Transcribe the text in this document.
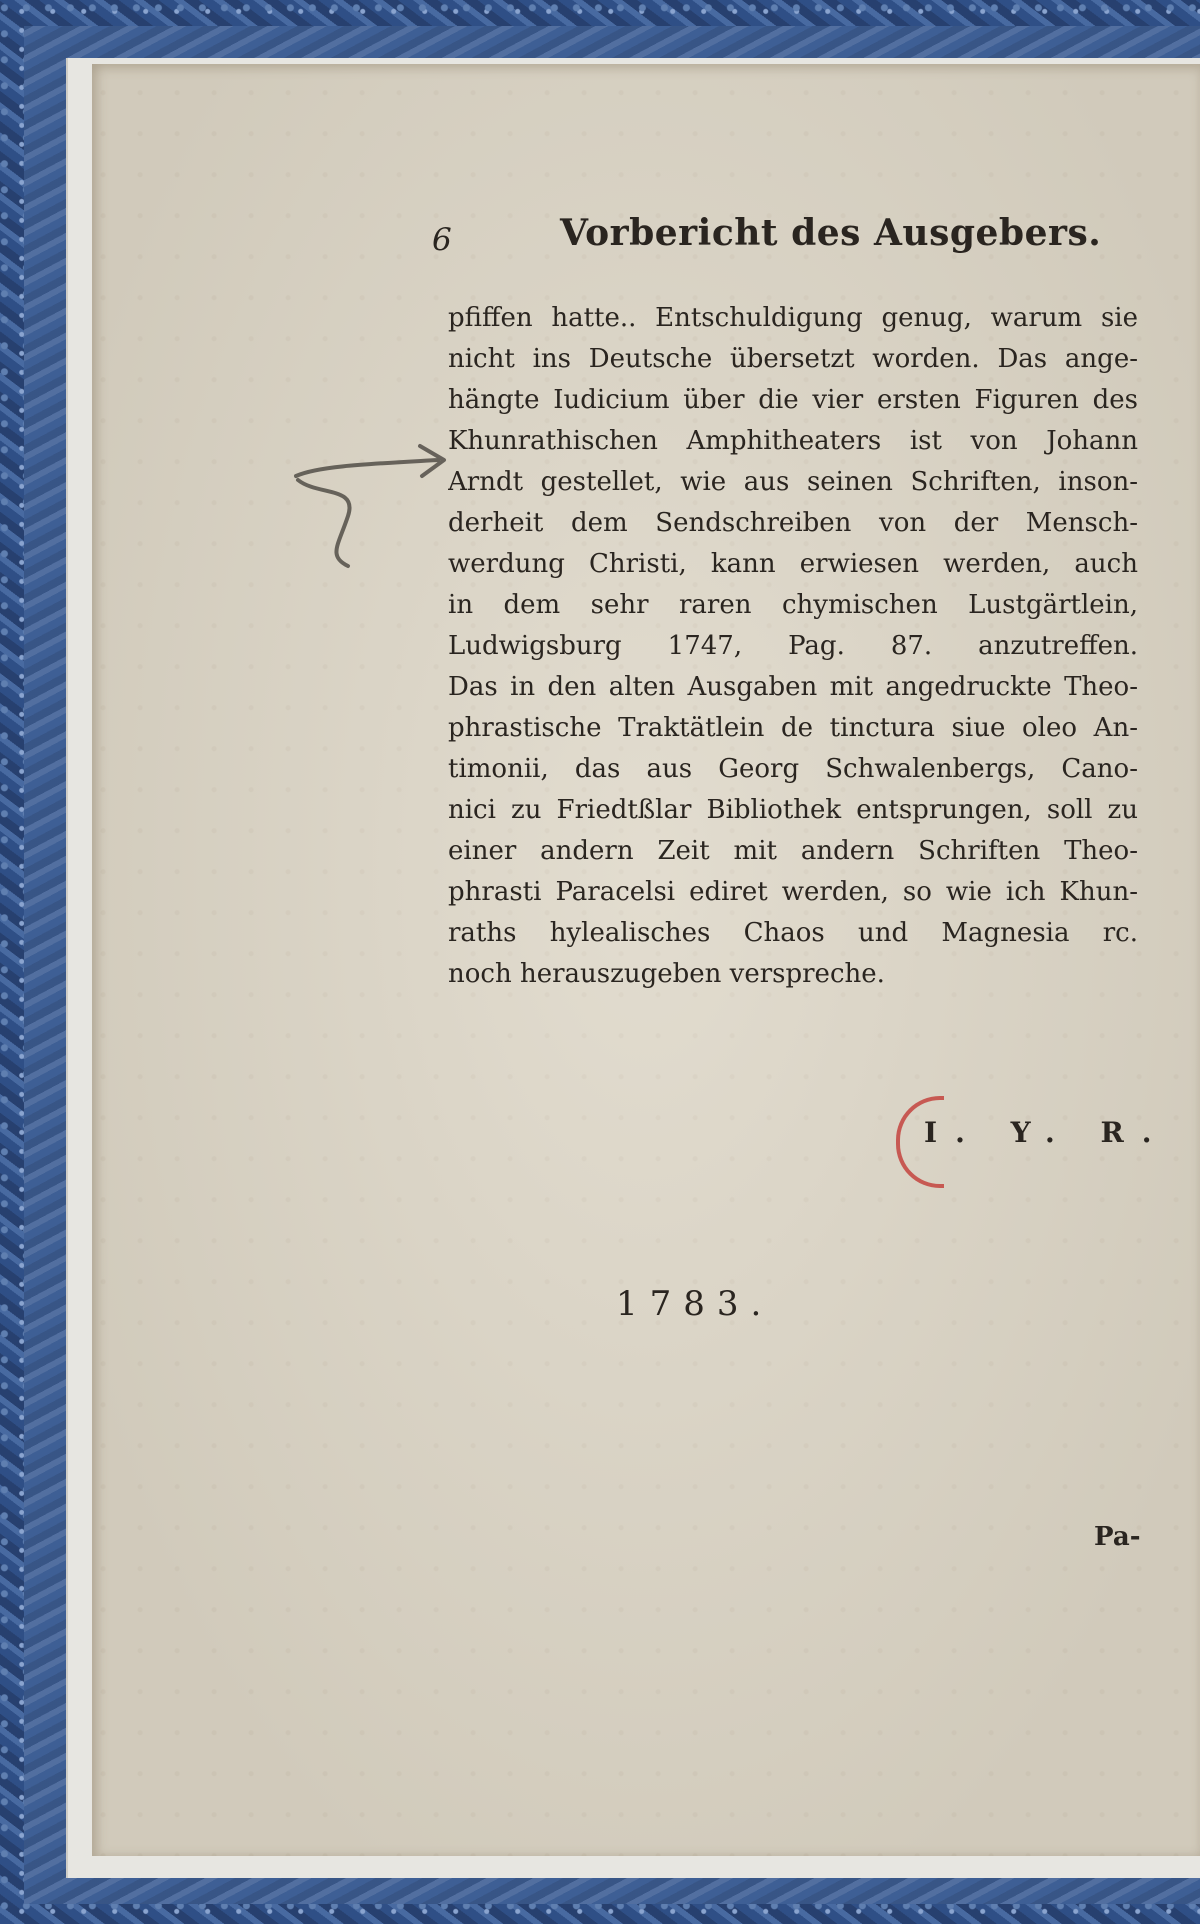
6	Vorbericht des Ausgebers.
pfiffen hatte.. Entschuldigung genug, warum sie
nicht ins Deutsche übersetzt worden. Das ange-
hängte Iudicium über die vier ersten Figuren des
Khunrathischen Amphitheaters ist von Johann
Arndt gestellet, wie aus seinen Schriften, inson-
derheit dem Sendschreiben von der Mensch-
werdung Christi, kann erwiesen werden, auch
in dem sehr raren chymischen Lustgärtlein,
Ludwigsburg 1747, Pag. 87. anzutreffen.
Das in den alten Ausgaben mit angedruckte Theo-
phrastische Traktätlein de tinctura siue oleo An-
timonii, das aus Georg Schwalenbergs, Cano-
nici zu Friedtßlar Bibliothek entsprungen, soll zu
einer andern Zeit mit andern Schriften Theo-
phrasti Paracelsi ediret werden, so wie ich Khun-
raths hylealisches Chaos und Magnesia rc.
noch herauszugeben verspreche.
I. Y. R.
1783.
Pa-
